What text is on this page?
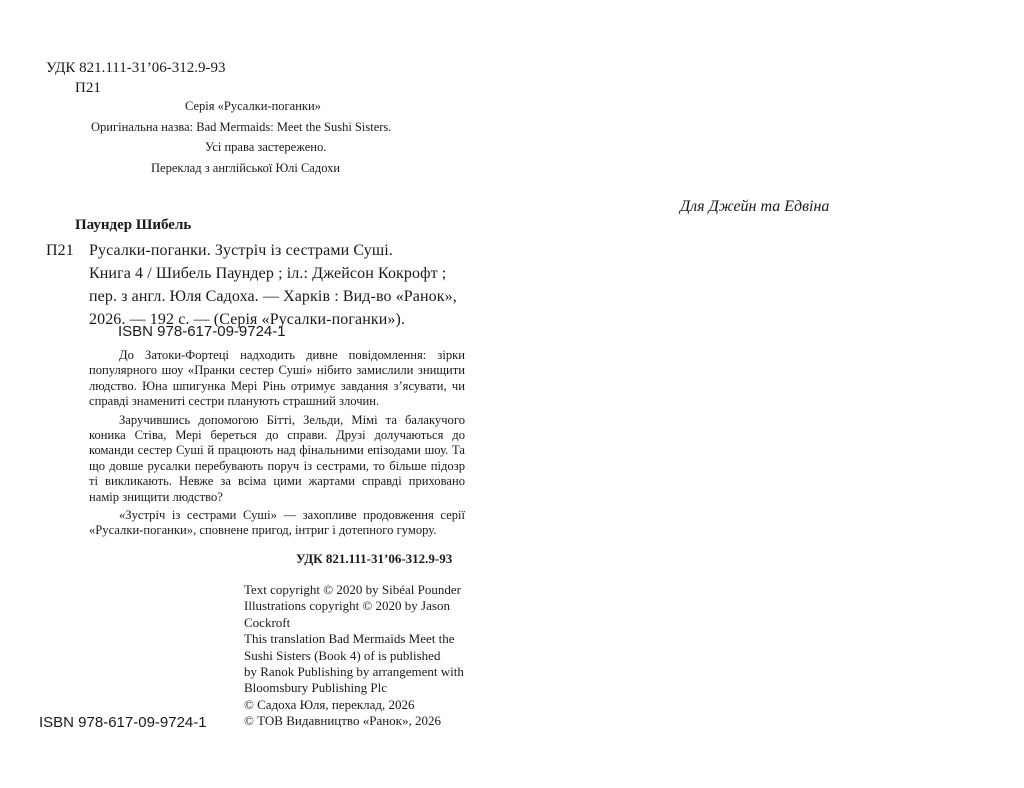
УДК 821.111-31’06-312.9-93
П21
Серія «Русалки-поганки»
Оригінальна назва: Bad Mermaids: Meet the Sushi Sisters.
Усі права застережено.
Переклад з англійської Юлі Садохи
Для Джейн та Едвіна
Паундер Шибель
П21 Русалки-поганки. Зустріч із сестрами Суші.
Книга 4 / Шибель Паундер ; іл.: Джейсон Кокрофт ;
пер. з англ. Юля Садоха. — Харків : Вид-во «Ранок»,
2026. — 192 с. — (Серія «Русалки-поганки»).
ISBN 978-617-09-9724-1

До Затоки-Фортеці надходить дивне повідомлення: зірки популярного шоу «Пранки сестер Суші» нібито замислили знищити людство. Юна шпигунка Мері Рінь отримує завдання з’ясувати, чи справді знамениті сестри планують страшний злочин.

Заручившись допомогою Бітті, Зельди, Мімі та балакучого коника Стіва, Мері береться до справи. Друзі долучаються до команди сестер Суші й працюють над фінальними епізодами шоу. Та що довше русалки перебувають поруч із сестрами, то більше підозр ті викликають. Невже за всіма цими жартами справді приховано намір знищити людство?

«Зустріч із сестрами Суші» — захопливе продовження серії «Русалки-поганки», сповнене пригод, інтриг і дотепного гумору.

УДК 821.111-31’06-312.9-93
Text copyright © 2020 by Sibéal Pounder
Illustrations copyright © 2020 by Jason
Cockroft
This translation Bad Mermaids Meet the
Sushi Sisters (Book 4) of is published
by Ranok Publishing by arrangement with
Bloomsbury Publishing Plc
© Садоха Юля, переклад, 2026
© ТОВ Видавництво «Ранок», 2026
ISBN 978-617-09-9724-1
